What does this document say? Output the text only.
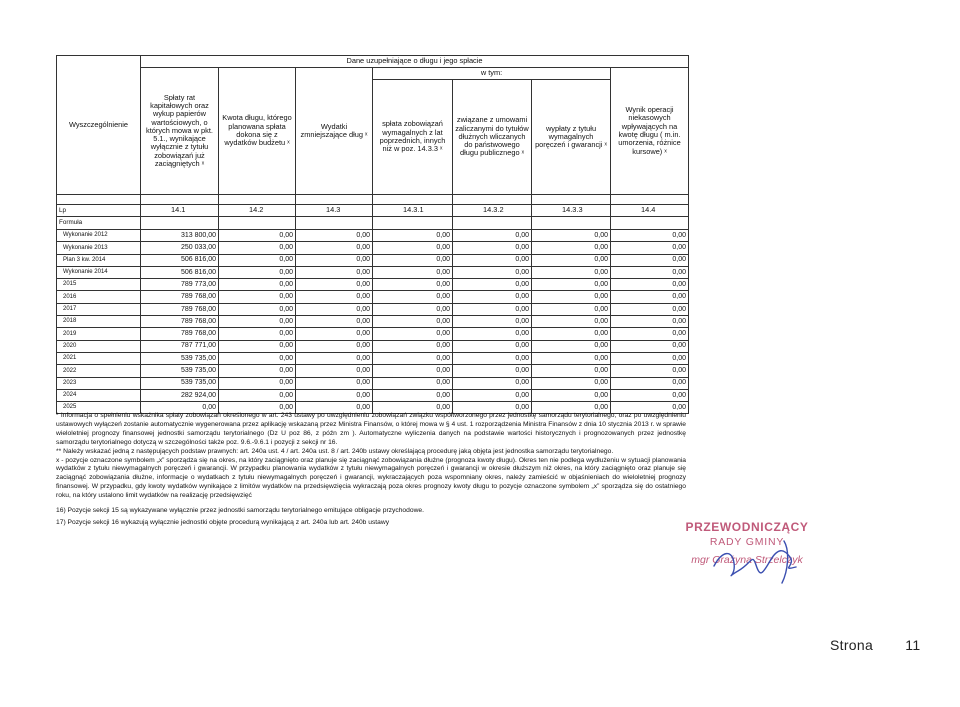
Wyszczególnienie	Dane uzupełniające o długu i jego spłacie						
	Spłaty rat kapitałowych oraz wykup papierów wartościowych, o których mowa w pkt. 5.1., wynikające wyłącznie z tytułu zobowiązań już zaciągniętych ˣ	Kwota długu, którego planowana spłata dokona się z wydatków budżetu ˣ	Wydatki zmniejszające dług ˣ	w tym:			Wynik operacji niekasowych wpływających na kwotę długu ( m.in. umorzenia, różnice kursowe) ˣ
				spłata zobowiązań wymagalnych z lat poprzednich, innych niż w poz. 14.3.3 ˣ	związane z umowami zaliczanymi do tytułów dłużnych wliczanych do państwowego długu publicznego ˣ	wypłaty z tytułu wymagalnych poręczeń i gwarancji ˣ	

Lp	14.1	14.2	14.3	14.3.1	14.3.2	14.3.3	14.4
Formuła							
Wykonanie 2012	313 800,00	0,00	0,00	0,00	0,00	0,00	0,00
Wykonanie 2013	250 033,00	0,00	0,00	0,00	0,00	0,00	0,00
Plan 3 kw. 2014	506 816,00	0,00	0,00	0,00	0,00	0,00	0,00
Wykonanie 2014	506 816,00	0,00	0,00	0,00	0,00	0,00	0,00
2015	789 773,00	0,00	0,00	0,00	0,00	0,00	0,00
2016	789 768,00	0,00	0,00	0,00	0,00	0,00	0,00
2017	789 768,00	0,00	0,00	0,00	0,00	0,00	0,00
2018	789 768,00	0,00	0,00	0,00	0,00	0,00	0,00
2019	789 768,00	0,00	0,00	0,00	0,00	0,00	0,00
2020	787 771,00	0,00	0,00	0,00	0,00	0,00	0,00
2021	539 735,00	0,00	0,00	0,00	0,00	0,00	0,00
2022	539 735,00	0,00	0,00	0,00	0,00	0,00	0,00
2023	539 735,00	0,00	0,00	0,00	0,00	0,00	0,00
2024	282 924,00	0,00	0,00	0,00	0,00	0,00	0,00
2025	0,00	0,00	0,00	0,00	0,00	0,00	0,00

* Informacja o spełnieniu wskaźnika spłaty zobowiązań określonego w art. 243 ustawy po uwzględnieniu zobowiązań związku współtworzonego przez jednostkę samorządu terytorialnego, oraz po uwzględnieniu ustawowych wyłączeń zostanie automatycznie wygenerowana przez aplikację wskazaną przez Ministra Finansów, o której mowa w § 4 ust. 1 rozporządzenia Ministra Finansów z dnia 10 stycznia 2013 r. w sprawie wieloletniej prognozy finansowej jednostki samorządu terytorialnego (Dz U poz 86, z późn zm ). Automatyczne wyliczenia danych na podstawie wartości historycznych i prognozowanych przez jednostkę samorządu terytorialnego dotyczą w szczególności także poz. 9.6.-9.6.1 i pozycji z sekcji nr 16.

** Należy wskazać jedną z następujących podstaw prawnych: art. 240a ust. 4 / art. 240a ust. 8 / art. 240b ustawy określającą procedurę jaką objęta jest jednostka samorządu terytorialnego.

x - pozycje oznaczone symbolem „x” sporządza się na okres, na który zaciągnięto oraz planuje się zaciągnąć zobowiązania dłużne (prognoza kwoty długu). Okres ten nie podlega wydłużeniu w sytuacji planowania wydatków z tytułu niewymagalnych poręczeń i gwarancji. W przypadku planowania wydatków z tytułu niewymagalnych poręczeń i gwarancji w okresie dłuższym niż okres, na który zaciągnięto oraz planuje się zaciągnąć zobowiązania dłużne, informacje o wydatkach z tytułu niewymagalnych poręczeń i gwarancji, wykraczających poza wspomniany okres, należy zamieścić w objaśnieniach do wieloletniej prognozy finansowej. W przypadku, gdy kwoty wydatków wynikające z limitów wydatków na przedsięwzięcia wykraczają poza okres prognozy kwoty długu to pozycje oznaczone symbolem „x” sporządza się do ostatniego roku, na który ustalono limit wydatków na realizację przedsięwzięć

16) Pozycje sekcji 15 są wykazywane wyłącznie przez jednostki samorządu terytorialnego emitujące obligacje przychodowe.

17) Pozycje sekcji 16 wykazują wyłącznie jednostki objęte procedurą wynikającą z art. 240a lub art. 240b ustawy	PRZEWODNICZĄCY
RADY GMINY
mgr Grażyna Strzelczyk
Strona 11
